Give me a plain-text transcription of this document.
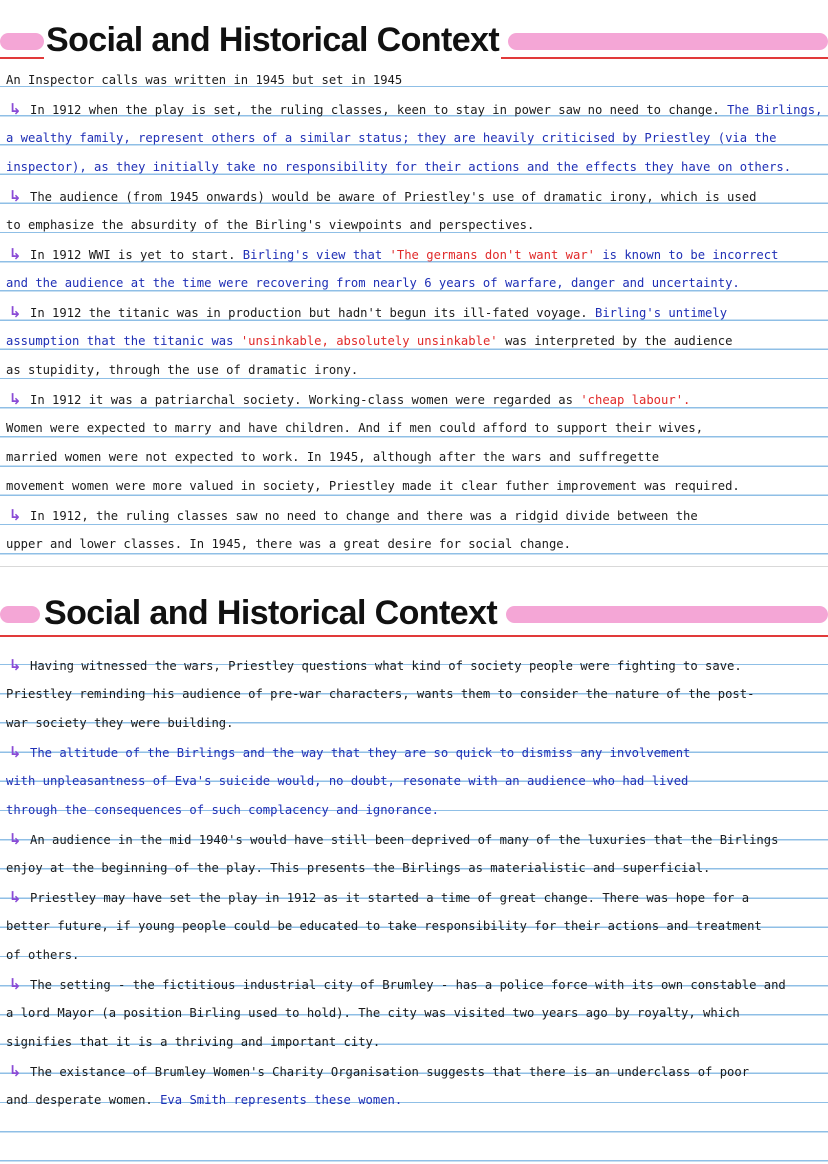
Social and Historical Context
An Inspector calls was written in 1945 but set in 1945
↳ In 1912 when the play is set, the ruling classes, keen to stay in power saw no need to change. The Birlings,
a wealthy family, represent others of a similar status; they are heavily criticised by Priestley (via the
inspector), as they initially take no responsibility for their actions and the effects they have on others.
↳ The audience (from 1945 onwards) would be aware of Priestley's use of dramatic irony, which is used
to emphasize the absurdity of the Birling's viewpoints and perspectives.
↳ In 1912 WWI is yet to start. Birling's view that 'The germans don't want war' is known to be incorrect
and the audience at the time were recovering from nearly 6 years of warfare, danger and uncertainty.
↳ In 1912 the titanic was in production but hadn't begun its ill-fated voyage. Birling's untimely
assumption that the titanic was 'unsinkable, absolutely unsinkable' was interpreted by the audience
as stupidity, through the use of dramatic irony.
↳ In 1912 it was a patriarchal society. Working-class women were regarded as 'cheap labour'.
Women were expected to marry and have children. And if men could afford to support their wives,
married women were not expected to work. In 1945, although after the wars and suffregette
movement women were more valued in society, Priestley made it clear futher improvement was required.
↳ In 1912, the ruling classes saw no need to change and there was a ridgid divide between the
upper and lower classes. In 1945, there was a great desire for social change.
Social and Historical Context
↳ Having witnessed the wars, Priestley questions what kind of society people were fighting to save.
Priestley reminding his audience of pre-war characters, wants them to consider the nature of the post-
war society they were building.
↳ The altitude of the Birlings and the way that they are so quick to dismiss any involvement
with unpleasantness of Eva's suicide would, no doubt, resonate with an audience who had lived
through the consequences of such complacency and ignorance.
↳ An audience in the mid 1940's would have still been deprived of many of the luxuries that the Birlings
enjoy at the beginning of the play. This presents the Birlings as materialistic and superficial.
↳ Priestley may have set the play in 1912 as it started a time of great change. There was hope for a
better future, if young people could be educated to take responsibility for their actions and treatment
of others.
↳ The setting - the fictitious industrial city of Brumley - has a police force with its own constable and
a lord Mayor (a position Birling used to hold). The city was visited two years ago by royalty, which
signifies that it is a thriving and important city.
↳ The existance of Brumley Women's Charity Organisation suggests that there is an underclass of poor
and desperate women. Eva Smith represents these women.
